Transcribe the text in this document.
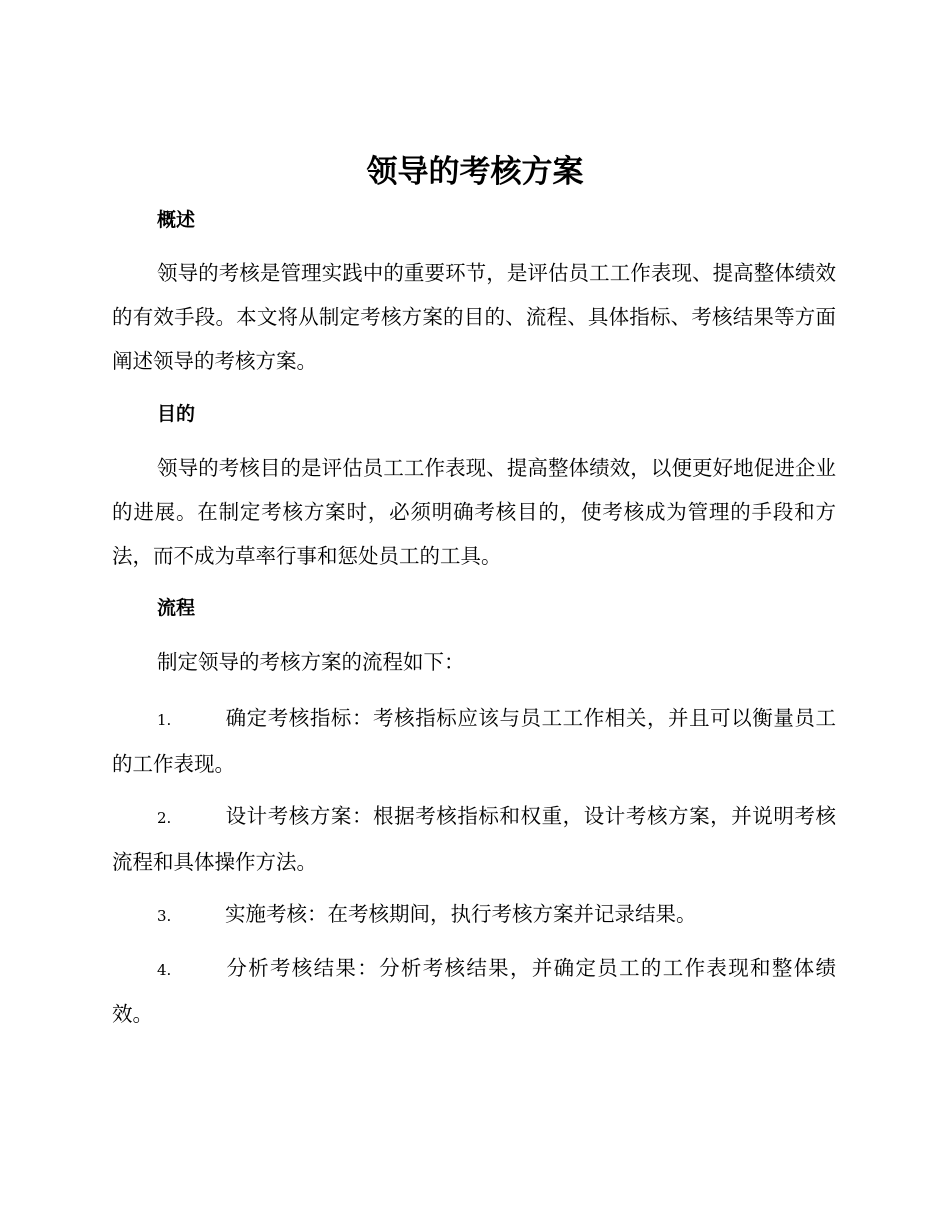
领导的考核方案
概述

领导的考核是管理实践中的重要环节，是评估员工工作表现、提高整体绩效的有效手段。本文将从制定考核方案的目的、流程、具体指标、考核结果等方面阐述领导的考核方案。

目的

领导的考核目的是评估员工工作表现、提高整体绩效，以便更好地促进企业的进展。在制定考核方案时，必须明确考核目的，使考核成为管理的手段和方法，而不成为草率行事和惩处员工的工具。

流程

制定领导的考核方案的流程如下：

1.	确定考核指标：考核指标应该与员工工作相关，并且可以衡量员工的工作表现。

2.	设计考核方案：根据考核指标和权重，设计考核方案，并说明考核流程和具体操作方法。

3.	实施考核：在考核期间，执行考核方案并记录结果。

4.	分析考核结果：分析考核结果，并确定员工的工作表现和整体绩效。
